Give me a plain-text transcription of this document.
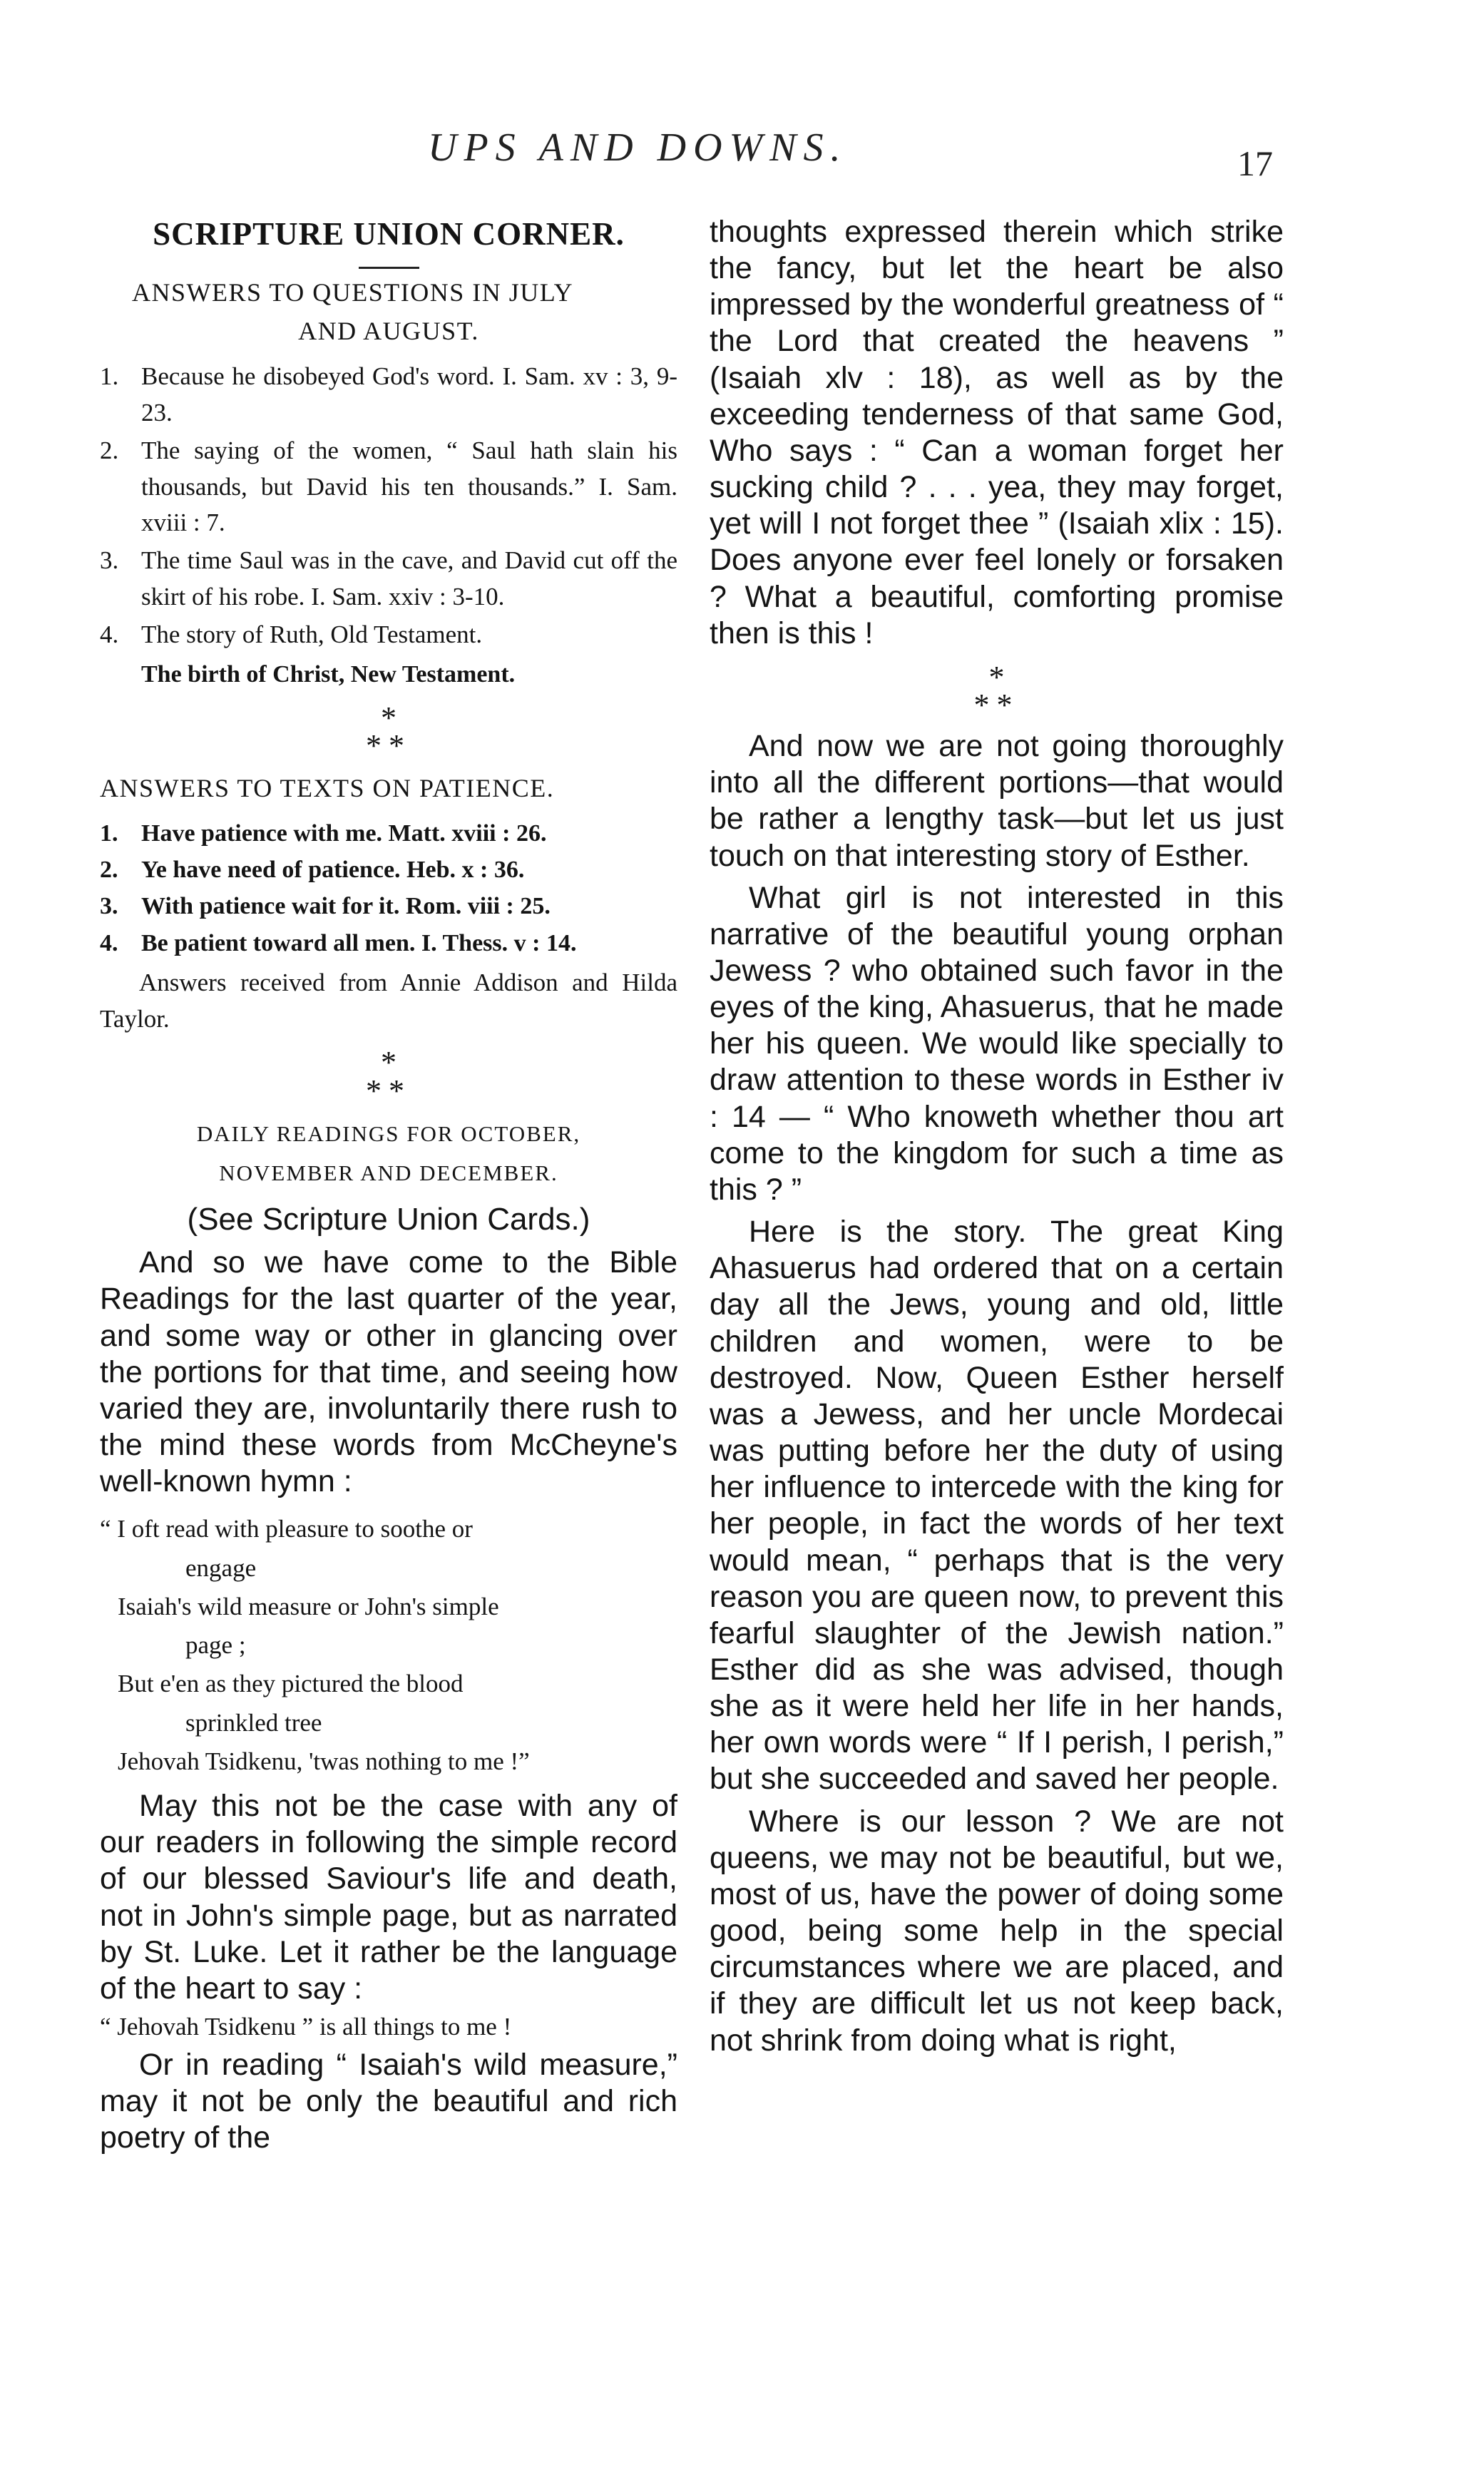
UPS AND DOWNS.	17
SCRIPTURE UNION CORNER.

ANSWERS TO QUESTIONS IN JULY

AND AUGUST.

1. Because he disobeyed God's word. I. Sam. xv : 3, 9-23.
2. The saying of the women, “ Saul hath slain his thousands, but David his ten thousands.” I. Sam. xviii : 7.
3. The time Saul was in the cave, and David cut off the skirt of his robe. I. Sam. xxiv : 3-10.
4. The story of Ruth, Old Testament.

The birth of Christ, New Testament.

*
**

ANSWERS TO TEXTS ON PATIENCE.

1. Have patience with me. Matt. xviii : 26.
2. Ye have need of patience. Heb. x : 36.
3. With patience wait for it. Rom. viii : 25.
4. Be patient toward all men. I. Thess. v : 14.

Answers received from Annie Addison and Hilda Taylor.

*
**

DAILY READINGS FOR OCTOBER,

NOVEMBER AND DECEMBER.

(See Scripture Union Cards.)

And so we have come to the Bible Readings for the last quarter of the year, and some way or other in glancing over the portions for that time, and seeing how varied they are, involuntarily there rush to the mind these words from McCheyne's well-known hymn :

“ I oft read with pleasure to soothe or
engage
Isaiah's wild measure or John's simple
page ;
But e'en as they pictured the blood
sprinkled tree
Jehovah Tsidkenu, 'twas nothing to me !”

May this not be the case with any of our readers in following the simple record of our blessed Saviour's life and death, not in John's simple page, but as narrated by St. Luke. Let it rather be the language of the heart to say :

“ Jehovah Tsidkenu ” is all things to me !

Or in reading “ Isaiah's wild measure,” may it not be only the beautiful and rich poetry of the

thoughts expressed therein which strike the fancy, but let the heart be also impressed by the wonderful greatness of “ the Lord that created the heavens ” (Isaiah xlv : 18), as well as by the exceeding tenderness of that same God, Who says : “ Can a woman forget her sucking child ? . . . yea, they may forget, yet will I not forget thee ” (Isaiah xlix : 15). Does anyone ever feel lonely or forsaken ? What a beautiful, comforting promise then is this !

*
**

And now we are not going thoroughly into all the different portions—that would be rather a lengthy task—but let us just touch on that interesting story of Esther.

What girl is not interested in this narrative of the beautiful young orphan Jewess ? who obtained such favor in the eyes of the king, Ahasuerus, that he made her his queen. We would like specially to draw attention to these words in Esther iv : 14 — “ Who knoweth whether thou art come to the kingdom for such a time as this ? ”

Here is the story. The great King Ahasuerus had ordered that on a certain day all the Jews, young and old, little children and women, were to be destroyed. Now, Queen Esther herself was a Jewess, and her uncle Mordecai was putting before her the duty of using her influence to intercede with the king for her people, in fact the words of her text would mean, “ perhaps that is the very reason you are queen now, to prevent this fearful slaughter of the Jewish nation.” Esther did as she was advised, though she as it were held her life in her hands, her own words were “ If I perish, I perish,” but she succeeded and saved her people.

Where is our lesson ? We are not queens, we may not be beautiful, but we, most of us, have the power of doing some good, being some help in the special circumstances where we are placed, and if they are difficult let us not keep back, not shrink from doing what is right,
